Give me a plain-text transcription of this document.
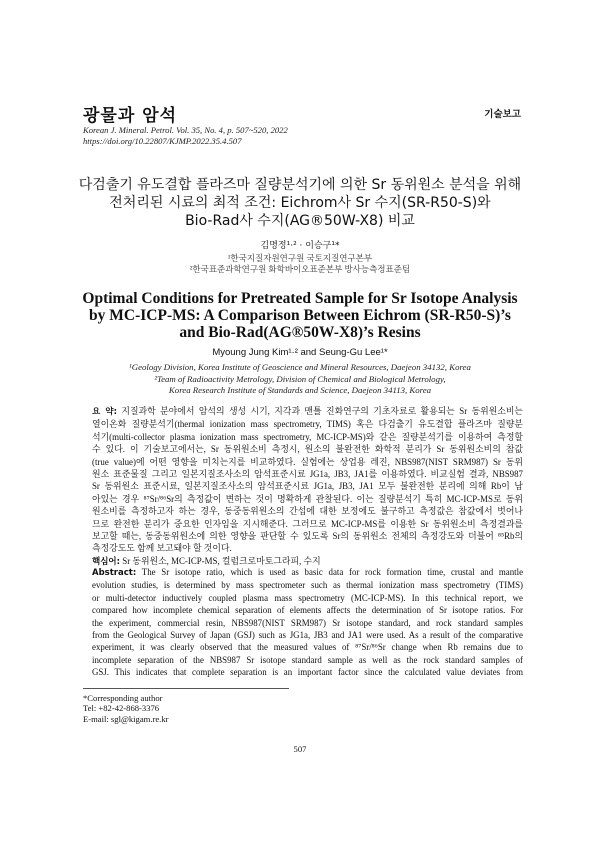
광물과 암석	기술보고
Korean J. Mineral. Petrol. Vol. 35, No. 4, p. 507~520, 2022
https://doi.org/10.22807/KJMP.2022.35.4.507
다검출기 유도결합 플라즈마 질량분석기에 의한 Sr 동위원소 분석을 위해
전처리된 시료의 최적 조건: Eichrom사 Sr 수지(SR-R50-S)와
Bio-Rad사 수지(AG®50W-X8) 비교
김명정¹·² · 이승구¹*
¹한국지질자원연구원 국토지질연구본부
²한국표준과학연구원 화학바이오표준본부 방사능측정표준팀
Optimal Conditions for Pretreated Sample for Sr Isotope Analysis
by MC-ICP-MS: A Comparison Between Eichrom (SR-R50-S)’s
and Bio-Rad(AG®50W-X8)’s Resins
Myoung Jung Kim¹·² and Seung-Gu Lee¹*
¹Geology Division, Korea Institute of Geoscience and Mineral Resources, Daejeon 34132, Korea
²Team of Radioactivity Metrology, Division of Chemical and Biological Metrology,
Korea Research Institute of Standards and Science, Daejeon 34113, Korea
요 약: 지질과학 분야에서 암석의 생성 시기, 지각과 맨틀 진화연구의 기초자료로 활용되는 Sr 동위원소비는
열이온화 질량분석기(thermal ionization mass spectrometry, TIMS) 혹은 다검출기 유도결합 플라즈마 질량분
석기(multi-collector plasma ionization mass spectrometry, MC-ICP-MS)와 같은 질량분석기를 이용하여 측정할
수 있다. 이 기술보고에서는, Sr 동위원소비 측정시, 원소의 불완전한 화학적 분리가 Sr 동위원소비의 참값
(true value)에 어떤 영향을 미치는지를 비교하였다. 실험에는 상업용 레진, NBS987(NIST SRM987) Sr 동위
원소 표준물질 그리고 일본지질조사소의 암석표준시료 JG1a, JB3, JA1를 이용하였다. 비교실험 결과, NBS987
Sr 동위원소 표준시료, 일본지질조사소의 암석표준시료 JG1a, JB3, JA1 모두 불완전한 분리에 의해 Rb이 남
아있는 경우 ⁸⁷Sr/⁸⁶Sr의 측정값이 변하는 것이 명확하게 관찰된다. 이는 질량분석기 특히 MC-ICP-MS로 동위
원소비를 측정하고자 하는 경우, 동중동위원소의 간섭에 대한 보정에도 불구하고 측정값은 참값에서 벗어나
므로 완전한 분리가 중요한 인자임을 지시해준다. 그러므로 MC-ICP-MS를 이용한 Sr 동위원소비 측정결과를
보고할 때는, 동중동위원소에 의한 영향을 판단할 수 있도록 Sr의 동위원소 전체의 측정강도와 더불어 ⁸⁵Rb의
측정강도도 함께 보고돼야 할 것이다.
핵심어: Sr 동위원소, MC-ICP-MS, 컬럼크로마토그라피, 수지
Abstract: The Sr isotope ratio, which is used as basic data for rock formation time, crustal and mantle
evolution studies, is determined by mass spectrometer such as thermal ionization mass spectrometry (TIMS)
or multi-detector inductively coupled plasma mass spectrometry (MC-ICP-MS). In this technical report, we
compared how incomplete chemical separation of elements affects the determination of Sr isotope ratios. For
the experiment, commercial resin, NBS987(NIST SRM987) Sr isotope standard, and rock standard samples
from the Geological Survey of Japan (GSJ) such as JG1a, JB3 and JA1 were used. As a result of the comparative
experiment, it was clearly observed that the measured values of ⁸⁷Sr/⁸⁶Sr change when Rb remains due to
incomplete separation of the NBS987 Sr isotope standard sample as well as the rock standard samples of
GSJ. This indicates that complete separation is an important factor since the calculated value deviates from
*Corresponding author
Tel: +82-42-868-3376
E-mail: sgl@kigam.re.kr
507
